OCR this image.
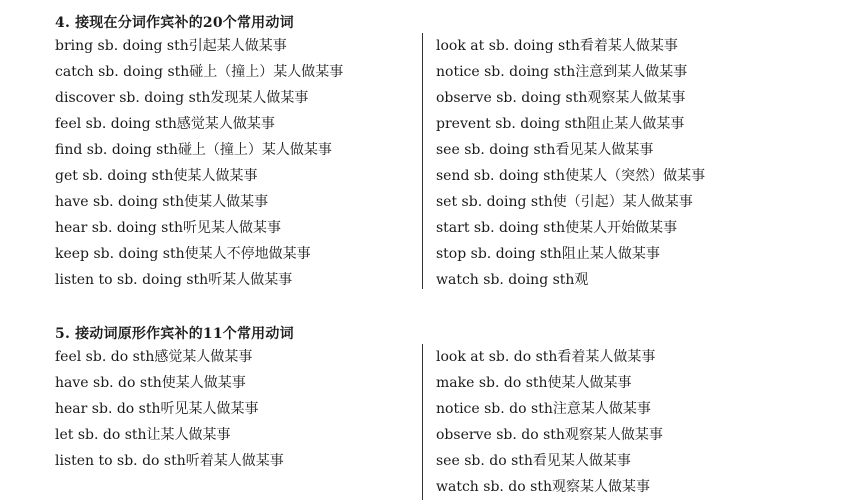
4. 接现在分词作宾补的20个常用动词
bring sb. doing sth引起某人做某事
catch sb. doing sth碰上（撞上）某人做某事
discover sb. doing sth发现某人做某事
feel sb. doing sth感觉某人做某事
find sb. doing sth碰上（撞上）某人做某事
get sb. doing sth使某人做某事
have sb. doing sth使某人做某事
hear sb. doing sth听见某人做某事
keep sb. doing sth使某人不停地做某事
listen to sb. doing sth听某人做某事
look at sb. doing sth看着某人做某事
notice sb. doing sth注意到某人做某事
observe sb. doing sth观察某人做某事
prevent sb. doing sth阻止某人做某事
see sb. doing sth看见某人做某事
send sb. doing sth使某人（突然）做某事
set sb. doing sth使（引起）某人做某事
start sb. doing sth使某人开始做某事
stop sb. doing sth阻止某人做某事
watch sb. doing sth观
5. 接动词原形作宾补的11个常用动词
feel sb. do sth感觉某人做某事
have sb. do sth使某人做某事
hear sb. do sth听见某人做某事
let sb. do sth让某人做某事
listen to sb. do sth听着某人做某事
look at sb. do sth看着某人做某事
make sb. do sth使某人做某事
notice sb. do sth注意某人做某事
observe sb. do sth观察某人做某事
see sb. do sth看见某人做某事
watch sb. do sth观察某人做某事
